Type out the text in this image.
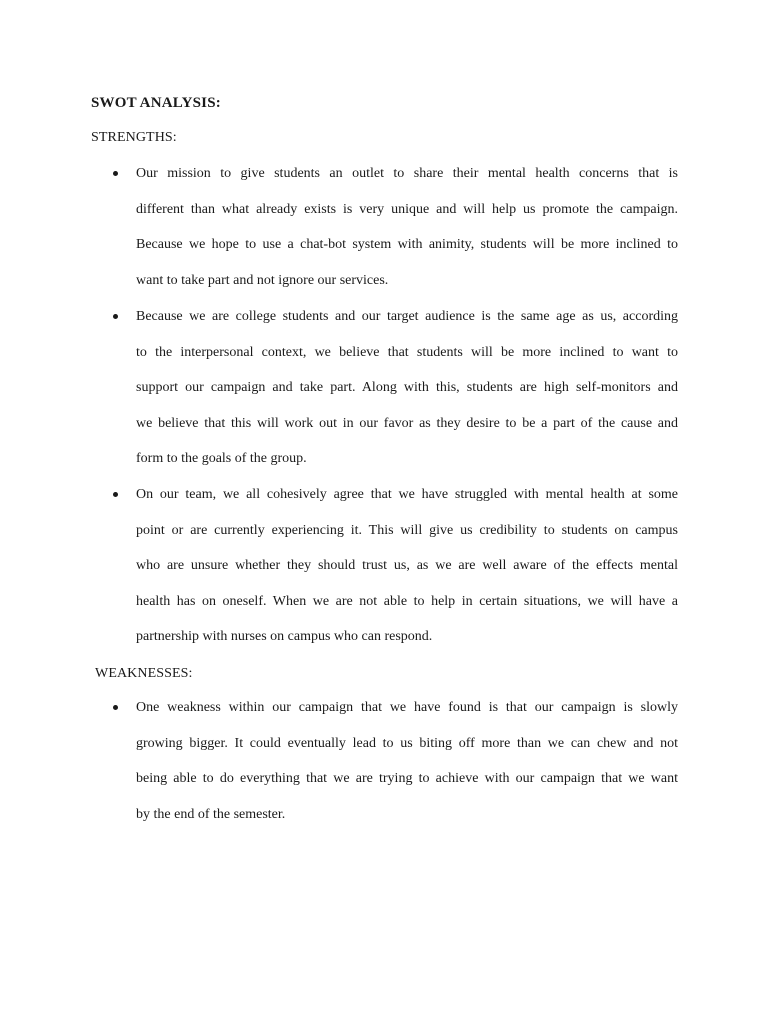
SWOT ANALYSIS:
STRENGTHS:

Our mission to give students an outlet to share their mental health concerns that is
different than what already exists is very unique and will help us promote the campaign.
Because we hope to use a chat-bot system with animity, students will be more inclined to
want to take part and not ignore our services.

Because we are college students and our target audience is the same age as us, according
to the interpersonal context, we believe that students will be more inclined to want to
support our campaign and take part. Along with this, students are high self-monitors and
we believe that this will work out in our favor as they desire to be a part of the cause and
form to the goals of the group.

On our team, we all cohesively agree that we have struggled with mental health at some
point or are currently experiencing it. This will give us credibility to students on campus
who are unsure whether they should trust us, as we are well aware of the effects mental
health has on oneself. When we are not able to help in certain situations, we will have a
partnership with nurses on campus who can respond.

WEAKNESSES:

One weakness within our campaign that we have found is that our campaign is slowly
growing bigger. It could eventually lead to us biting off more than we can chew and not
being able to do everything that we are trying to achieve with our campaign that we want
by the end of the semester.
